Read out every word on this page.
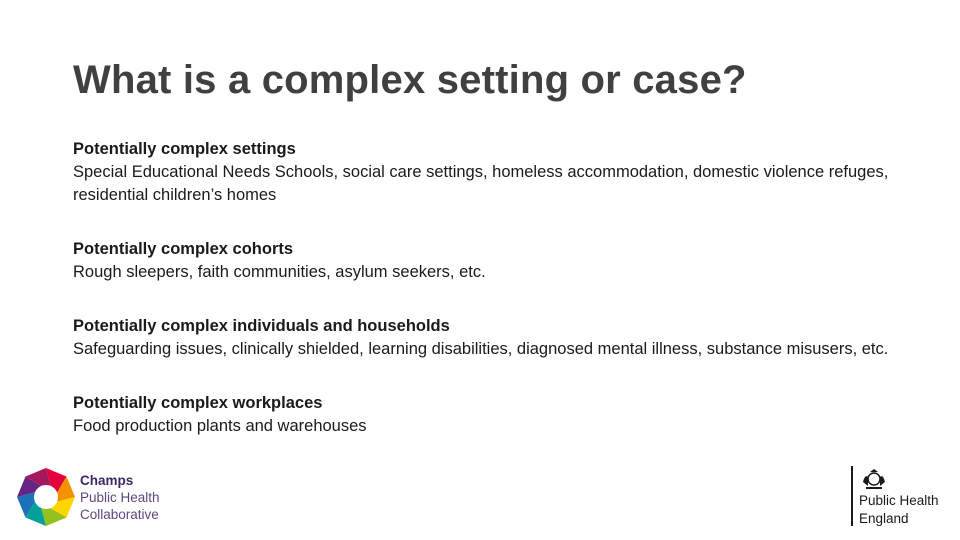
What is a complex setting or case?
Potentially complex settings
Special Educational Needs Schools, social care settings, homeless accommodation, domestic violence refuges, residential children’s homes
Potentially complex cohorts
Rough sleepers, faith communities, asylum seekers, etc.
Potentially complex individuals and households
Safeguarding issues, clinically shielded, learning disabilities, diagnosed mental illness, substance misusers, etc.
Potentially complex workplaces
Food production plants and warehouses
Champs
Public Health
Collaborative
Public Health
England
